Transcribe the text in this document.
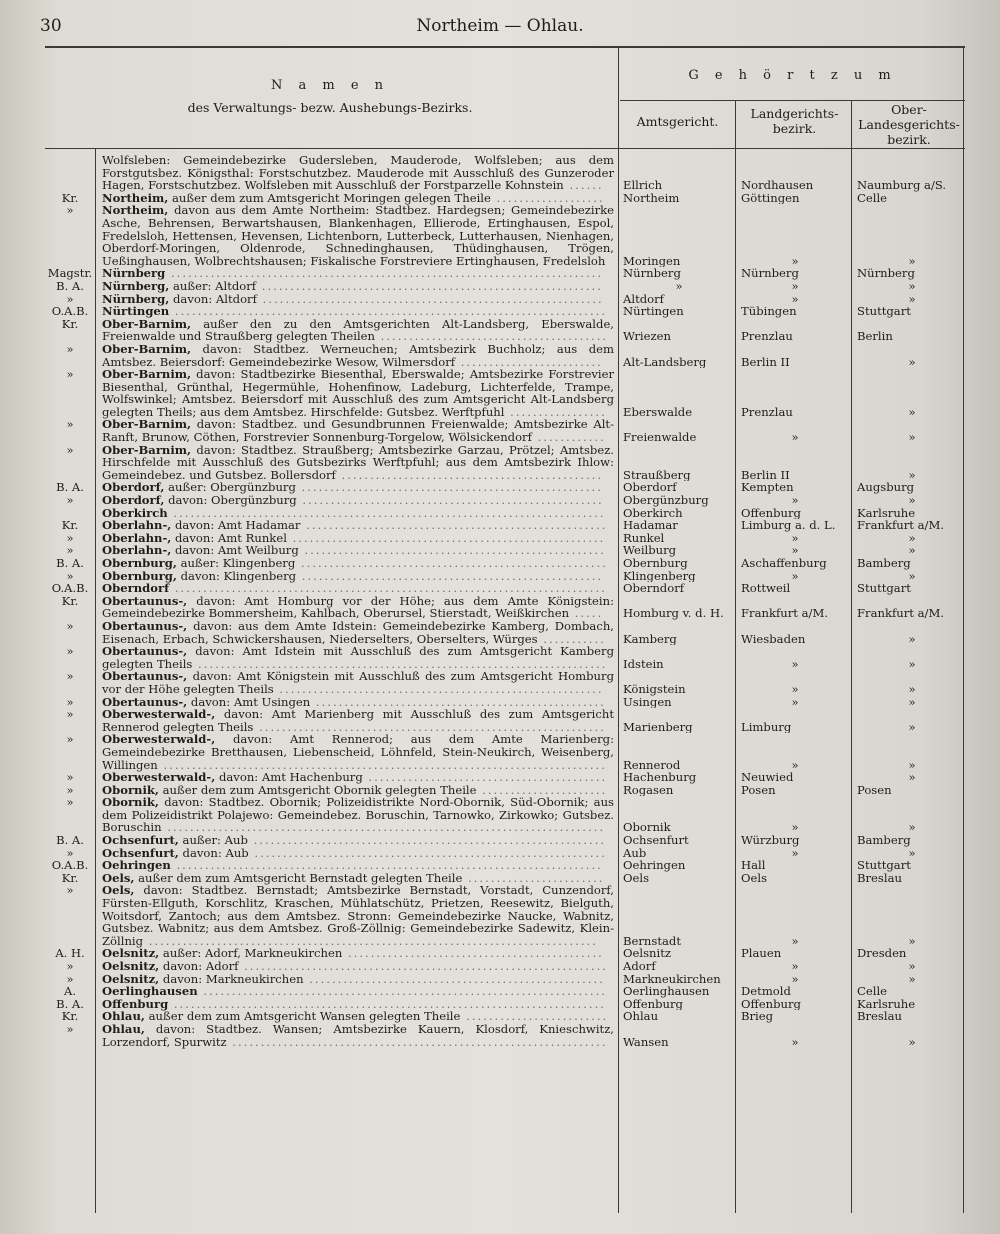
30	Northeim — Ohlau.
N a m e n
des Verwaltungs- bezw. Aushebungs-Bezirks.
G e h ö r t z u m
Amtsgericht.
Landgerichts-
bezirk.
Ober-
Landesgerichts-
bezirk.
Wolfsleben: Gemeindebezirke Gudersleben, Mauderode, Wolfsleben; aus dem Forstgutsbez. Königsthal: Forstschutzbez. Mauderode mit Ausschluß des Gunzeroder Hagen, Forstschutzbez. Wolfsleben mit Ausschluß der Forstparzelle Kohnstein ......	Ellrich	Nordhausen	Naumburg a/S.
Kr.	Northeim, außer dem zum Amtsgericht Moringen gelegen Theile ...................	Northeim	Göttingen	Celle
»	Northeim, davon aus dem Amte Northeim: Stadtbez. Hardegsen; Gemeindebezirke Asche, Behrensen, Berwartshausen, Blankenhagen, Ellierode, Ertinghausen, Espol, Fredelsloh, Hettensen, Hevensen, Lichtenborn, Lutterbeck, Lutterhausen, Nienhagen, Oberdorf-Moringen, Oldenrode, Schnedinghausen, Thüdinghausen, Trögen, Ueßinghausen, Wolbrechtshausen; Fiskalische Forstreviere Ertinghausen, Fredelsloh	Moringen	»	»
Magstr. Nürnberg ............................................................................	Nürnberg	Nürnberg	Nürnberg
B. A.	Nürnberg, außer: Altdorf ............................................................	»	»	»
»	Nürnberg, davon: Altdorf ............................................................	Altdorf	»	»
O.A.B.	Nürtingen ............................................................................	Nürtingen	Tübingen	Stuttgart
Kr.	Ober-Barnim, außer den zu den Amtsgerichten Alt-Landsberg, Eberswalde, Freienwalde und Straußberg gelegten Theilen ........................................	Wriezen	Prenzlau	Berlin
»	Ober-Barnim, davon: Stadtbez. Werneuchen; Amtsbezirk Buchholz; aus dem Amtsbez. Beiersdorf: Gemeindebezirke Wesow, Wilmersdorf .........................	Alt-Landsberg	Berlin II	»
»	Ober-Barnim, davon: Stadtbezirke Biesenthal, Eberswalde; Amtsbezirke Forstrevier Biesenthal, Grünthal, Hegermühle, Hohenfinow, Ladeburg, Lichterfelde, Trampe, Wolfswinkel; Amtsbez. Beiersdorf mit Ausschluß des zum Amtsgericht Alt-Landsberg gelegten Theils; aus dem Amtsbez. Hirschfelde: Gutsbez. Werftpfuhl .................	Eberswalde	Prenzlau	»
»	Ober-Barnim, davon: Stadtbez. und Gesundbrunnen Freienwalde; Amtsbezirke Alt-Ranft, Brunow, Cöthen, Forstrevier Sonnenburg-Torgelow, Wölsickendorf ............	Freienwalde	»	»
»	Ober-Barnim, davon: Stadtbez. Straußberg; Amtsbezirke Garzau, Prötzel; Amtsbez. Hirschfelde mit Ausschluß des Gutsbezirks Werftpfuhl; aus dem Amtsbezirk Ihlow: Gemeindebez. und Gutsbez. Bollersdorf ..............................................	Straußberg	Berlin II	»
B. A.	Oberdorf, außer: Obergünzburg .....................................................	Oberdorf	Kempten	Augsburg
»	Oberdorf, davon: Obergünzburg .....................................................	Obergünzburg	»	»
Oberkirch ............................................................................	Oberkirch	Offenburg	Karlsruhe
Kr.	Oberlahn-, davon: Amt Hadamar .....................................................	Hadamar	Limburg a. d. L.	Frankfurt a/M.
»	Oberlahn-, davon: Amt Runkel .......................................................	Runkel	»	»
»	Oberlahn-, davon: Amt Weilburg .....................................................	Weilburg	»	»
B. A.	Obernburg, außer: Klingenberg ......................................................	Obernburg	Aschaffenburg	Bamberg
»	Obernburg, davon: Klingenberg .....................................................	Klingenberg	»	»
O.A.B.	Oberndorf ............................................................................	Oberndorf	Rottweil	Stuttgart
Kr.	Obertaunus-, davon: Amt Homburg vor der Höhe; aus dem Amte Königstein: Gemeindebezirke Bommersheim, Kahlbach, Oberursel, Stierstadt, Weißkirchen .....	Homburg v. d. H.	Frankfurt a/M.	Frankfurt a/M.
»	Obertaunus-, davon: aus dem Amte Idstein: Gemeindebezirke Kamberg, Dombach, Eisenach, Erbach, Schwickershausen, Niederselters, Oberselters, Würges ...........	Kamberg	Wiesbaden	»
»	Obertaunus-, davon: Amt Idstein mit Ausschluß des zum Amtsgericht Kamberg gelegten Theils ........................................................................	Idstein	»	»
»	Obertaunus-, davon: Amt Königstein mit Ausschluß des zum Amtsgericht Homburg vor der Höhe gelegten Theils .........................................................	Königstein	»	»
»	Obertaunus-, davon: Amt Usingen ...................................................	Usingen	»	»
»	Oberwesterwald-, davon: Amt Marienberg mit Ausschluß des zum Amtsgericht Rennerod gelegten Theils .............................................................	Marienberg	Limburg	»
»	Oberwesterwald-, davon: Amt Rennerod; aus dem Amte Marienberg: Gemeindebezirke Bretthausen, Liebenscheid, Löhnfeld, Stein-Neukirch, Weisenberg, Willingen ..............................................................................	Rennerod	»	»
»	Oberwesterwald-, davon: Amt Hachenburg ..........................................	Hachenburg	Neuwied	»
»	Obornik, außer dem zum Amtsgericht Obornik gelegten Theile ......................	Rogasen	Posen	Posen
»	Obornik, davon: Stadtbez. Obornik; Polizeidistrikte Nord-Obornik, Süd-Obornik; aus dem Polizeidistrikt Polajewo: Gemeindebez. Boruschin, Tarnowko, Zirkowko; Gutsbez. Boruschin .............................................................................	Obornik	»	»
B. A.	Ochsenfurt, außer: Aub ..............................................................	Ochsenfurt	Würzburg	Bamberg
»	Ochsenfurt, davon: Aub ..............................................................	Aub	»	»
O.A.B.	Oehringen ...........................................................................	Oehringen	Hall	Stuttgart
Kr.	Oels, außer dem zum Amtsgericht Bernstadt gelegten Theile ........................	Oels	Oels	Breslau
»	Oels, davon: Stadtbez. Bernstadt; Amtsbezirke Bernstadt, Vorstadt, Cunzendorf, Fürsten-Ellguth, Korschlitz, Kraschen, Mühlatschütz, Prietzen, Reesewitz, Bielguth, Woitsdorf, Zantoch; aus dem Amtsbez. Stronn: Gemeindebezirke Naucke, Wabnitz, Gutsbez. Wabnitz; aus dem Amtsbez. Groß-Zöllnig: Gemeindebezirke Sadewitz, Klein-Zöllnig ...............................................................................	Bernstadt	»	»
A. H.	Oelsnitz, außer: Adorf, Markneukirchen .............................................	Oelsnitz	Plauen	Dresden
»	Oelsnitz, davon: Adorf ................................................................	Adorf	»	»
»	Oelsnitz, davon: Markneukirchen ....................................................	Markneukirchen	»	»
A.	Oerlinghausen .......................................................................	Oerlinghausen	Detmold	Celle
B. A.	Offenburg ............................................................................	Offenburg	Offenburg	Karlsruhe
Kr.	Ohlau, außer dem zum Amtsgericht Wansen gelegten Theile .........................	Ohlau	Brieg	Breslau
»	Ohlau, davon: Stadtbez. Wansen; Amtsbezirke Kauern, Klosdorf, Knieschwitz, Lorzendorf, Spurwitz ..................................................................	Wansen	»	»
